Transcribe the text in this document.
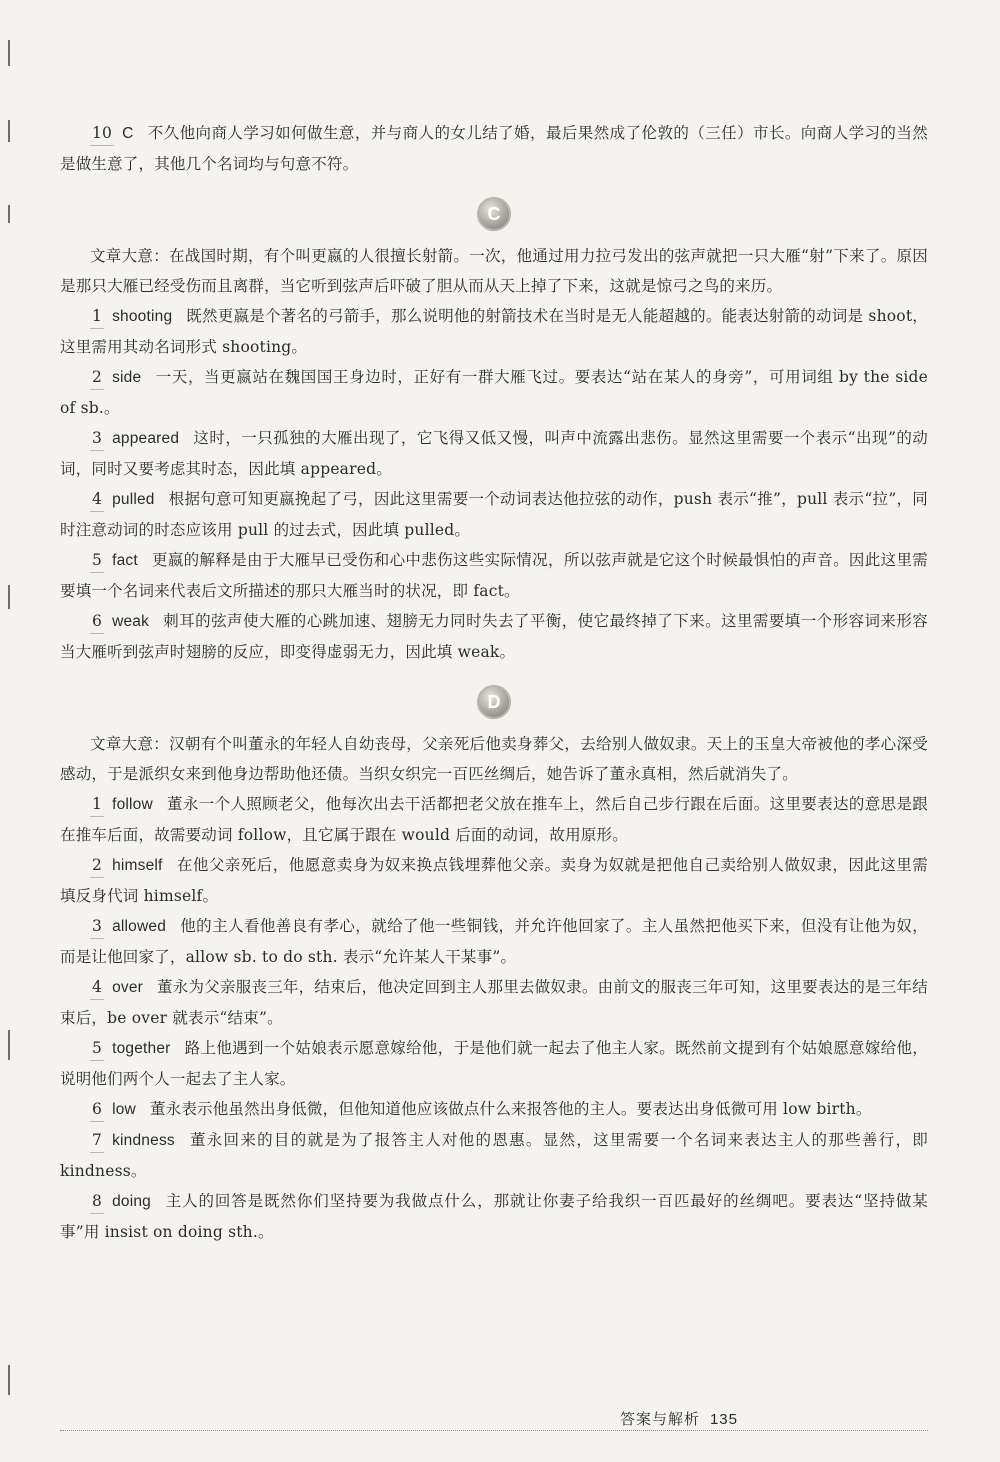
10 C 不久他向商人学习如何做生意，并与商人的女儿结了婚，最后果然成了伦敦的（三任）市长。向商人学习的当然是做生意了，其他几个名词均与句意不符。

C

文章大意：在战国时期，有个叫更嬴的人很擅长射箭。一次，他通过用力拉弓发出的弦声就把一只大雁“射”下来了。原因是那只大雁已经受伤而且离群，当它听到弦声后吓破了胆从而从天上掉了下来，这就是惊弓之鸟的来历。

1 shooting 既然更嬴是个著名的弓箭手，那么说明他的射箭技术在当时是无人能超越的。能表达射箭的动词是 shoot，这里需用其动名词形式 shooting。

2 side 一天，当更嬴站在魏国国王身边时，正好有一群大雁飞过。要表达“站在某人的身旁”，可用词组 by the side of sb.。

3 appeared 这时，一只孤独的大雁出现了，它飞得又低又慢，叫声中流露出悲伤。显然这里需要一个表示“出现”的动词，同时又要考虑其时态，因此填 appeared。

4 pulled 根据句意可知更嬴挽起了弓，因此这里需要一个动词表达他拉弦的动作，push 表示“推”，pull 表示“拉”，同时注意动词的时态应该用 pull 的过去式，因此填 pulled。

5 fact 更嬴的解释是由于大雁早已受伤和心中悲伤这些实际情况，所以弦声就是它这个时候最惧怕的声音。因此这里需要填一个名词来代表后文所描述的那只大雁当时的状况，即 fact。

6 weak 刺耳的弦声使大雁的心跳加速、翅膀无力同时失去了平衡，使它最终掉了下来。这里需要填一个形容词来形容当大雁听到弦声时翅膀的反应，即变得虚弱无力，因此填 weak。

D

文章大意：汉朝有个叫董永的年轻人自幼丧母，父亲死后他卖身葬父，去给别人做奴隶。天上的玉皇大帝被他的孝心深受感动，于是派织女来到他身边帮助他还债。当织女织完一百匹丝绸后，她告诉了董永真相，然后就消失了。

1 follow 董永一个人照顾老父，他每次出去干活都把老父放在推车上，然后自己步行跟在后面。这里要表达的意思是跟在推车后面，故需要动词 follow，且它属于跟在 would 后面的动词，故用原形。

2 himself 在他父亲死后，他愿意卖身为奴来换点钱埋葬他父亲。卖身为奴就是把他自己卖给别人做奴隶，因此这里需填反身代词 himself。

3 allowed 他的主人看他善良有孝心，就给了他一些铜钱，并允许他回家了。主人虽然把他买下来，但没有让他为奴，而是让他回家了，allow sb. to do sth. 表示“允许某人干某事”。

4 over 董永为父亲服丧三年，结束后，他决定回到主人那里去做奴隶。由前文的服丧三年可知，这里要表达的是三年结束后，be over 就表示“结束”。

5 together 路上他遇到一个姑娘表示愿意嫁给他，于是他们就一起去了他主人家。既然前文提到有个姑娘愿意嫁给他，说明他们两个人一起去了主人家。

6 low 董永表示他虽然出身低微，但他知道他应该做点什么来报答他的主人。要表达出身低微可用 low birth。

7 kindness 董永回来的目的就是为了报答主人对他的恩惠。显然，这里需要一个名词来表达主人的那些善行，即 kindness。

8 doing 主人的回答是既然你们坚持要为我做点什么，那就让你妻子给我织一百匹最好的丝绸吧。要表达“坚持做某事”用 insist on doing sth.。

答案与解析 135
